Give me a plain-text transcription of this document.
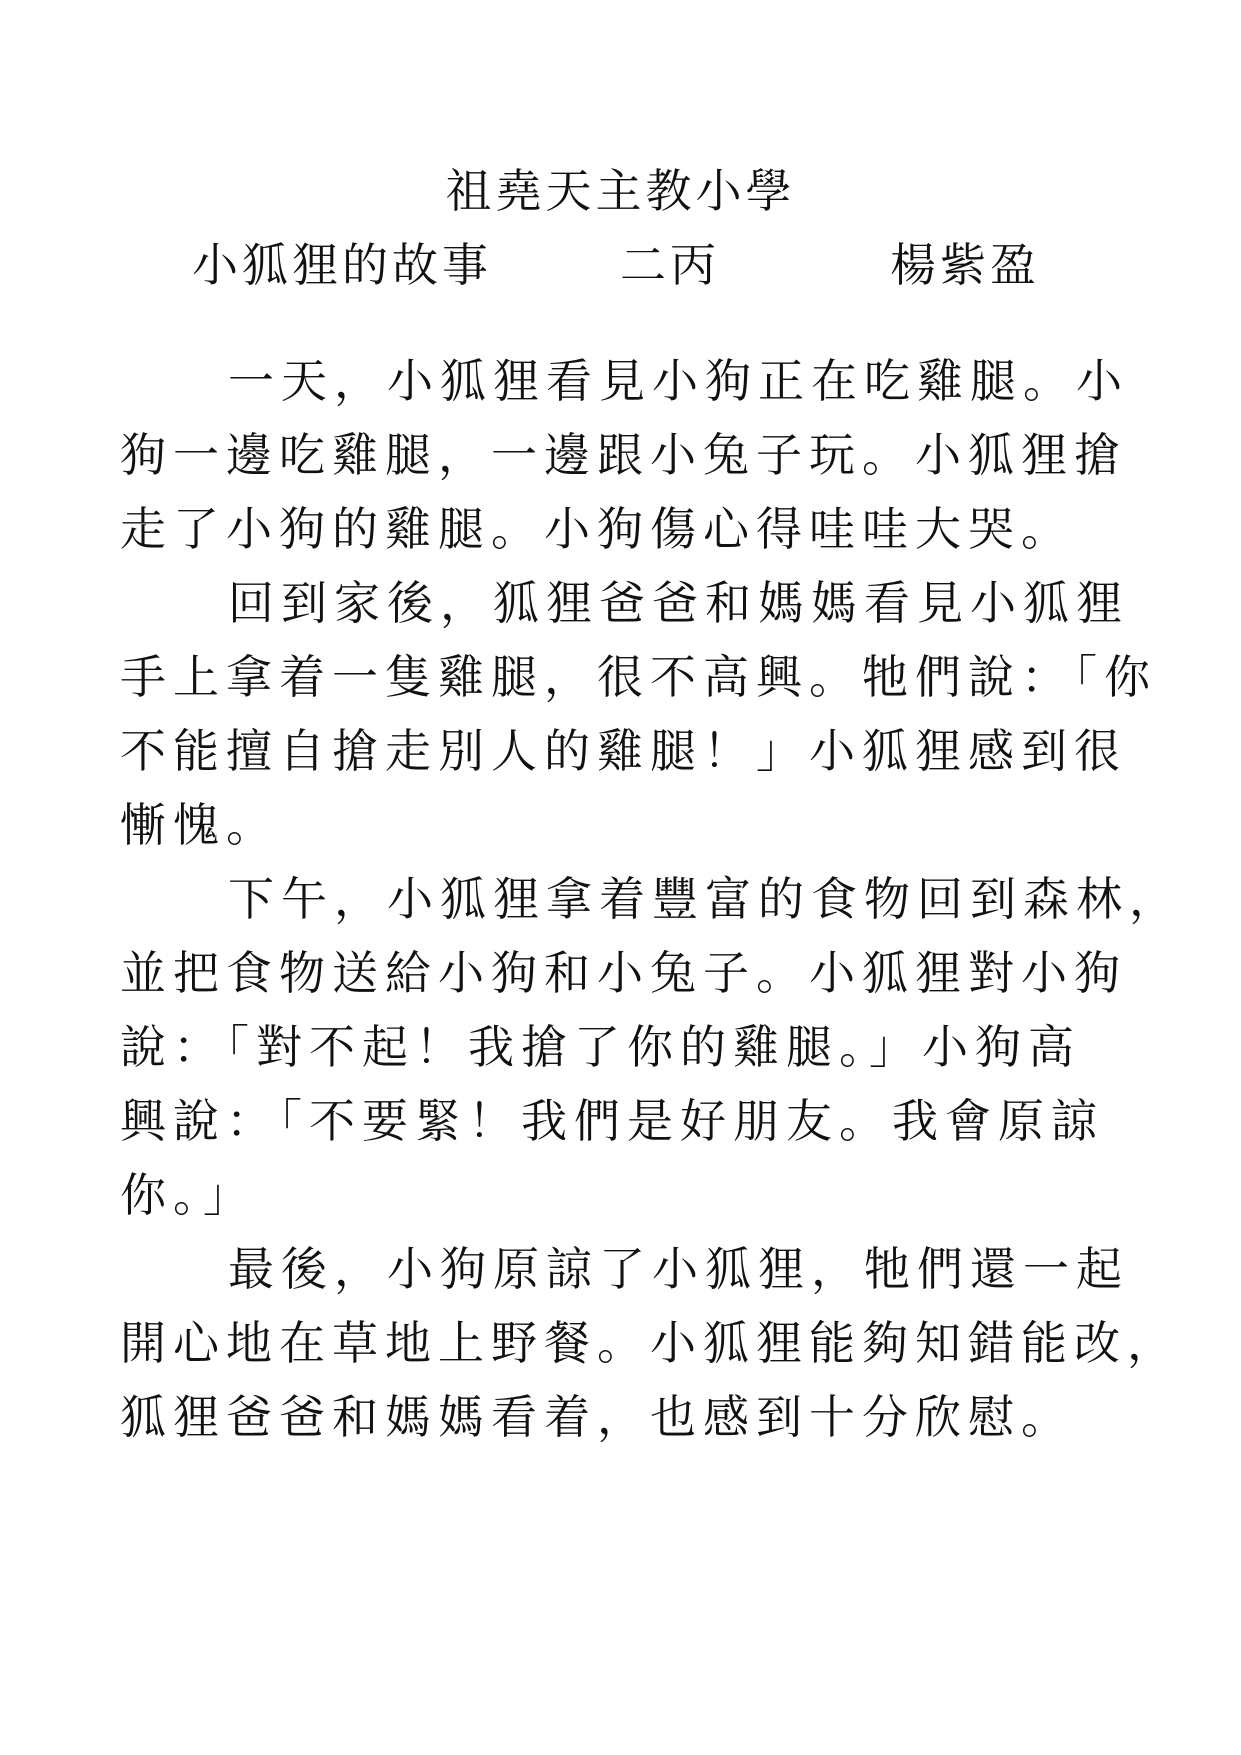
祖堯天主教小學
小狐狸的故事	二丙	楊紫盈
一天，小狐狸看見小狗正在吃雞腿。小
狗一邊吃雞腿，一邊跟小兔子玩。小狐狸搶
走了小狗的雞腿。小狗傷心得哇哇大哭。
回到家後，狐狸爸爸和媽媽看見小狐狸
手上拿着一隻雞腿，很不高興。牠們說：「你
不能擅自搶走別人的雞腿！」小狐狸感到很
慚愧。
下午，小狐狸拿着豐富的食物回到森林，
並把食物送給小狗和小兔子。小狐狸對小狗
說：「對不起！我搶了你的雞腿。」小狗高
興說：「不要緊！我們是好朋友。我會原諒
你。」
最後，小狗原諒了小狐狸，牠們還一起
開心地在草地上野餐。小狐狸能夠知錯能改，
狐狸爸爸和媽媽看着，也感到十分欣慰。
